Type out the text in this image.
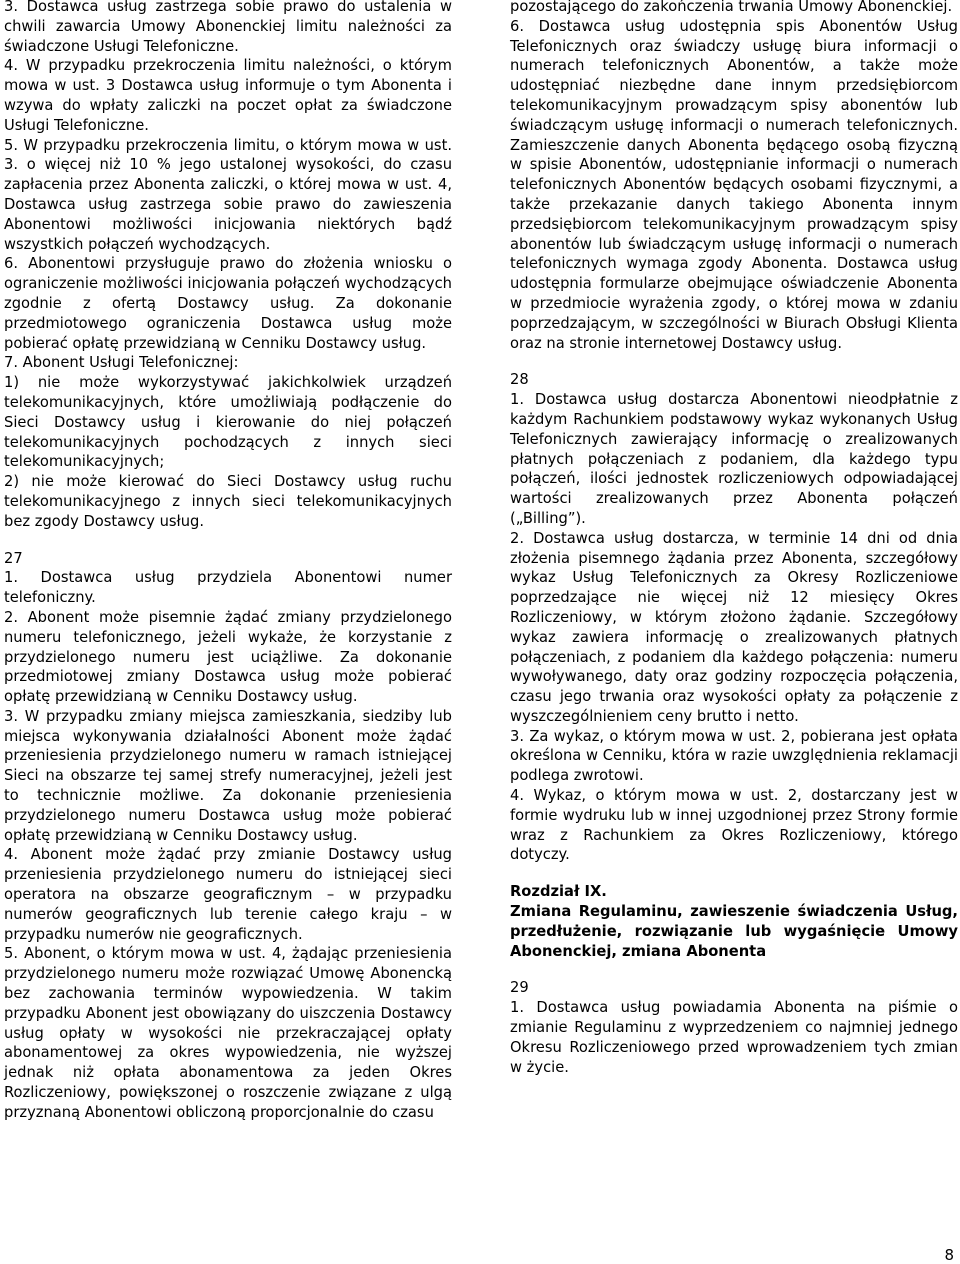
3. Dostawca usług zastrzega sobie prawo do ustalenia w chwili zawarcia Umowy Abonenckiej limitu należności za świadczone Usługi Telefoniczne.

4. W przypadku przekroczenia limitu należności, o którym mowa w ust. 3 Dostawca usług informuje o tym Abonenta i wzywa do wpłaty zaliczki na poczet opłat za świadczone Usługi Telefoniczne.

5. W przypadku przekroczenia limitu, o którym mowa w ust. 3. o więcej niż 10 % jego ustalonej wysokości, do czasu zapłacenia przez Abonenta zaliczki, o której mowa w ust. 4, Dostawca usług zastrzega sobie prawo do zawieszenia Abonentowi możliwości inicjowania niektórych bądź wszystkich połączeń wychodzących.

6. Abonentowi przysługuje prawo do złożenia wniosku o ograniczenie możliwości inicjowania połączeń wychodzących zgodnie z ofertą Dostawcy usług. Za dokonanie przedmiotowego ograniczenia Dostawca usług może pobierać opłatę przewidzianą w Cenniku Dostawcy usług.

7. Abonent Usługi Telefonicznej:

1) nie może wykorzystywać jakichkolwiek urządzeń telekomunikacyjnych, które umożliwiają podłączenie do Sieci Dostawcy usług i kierowanie do niej połączeń telekomunikacyjnych pochodzących z innych sieci telekomunikacyjnych;

2) nie może kierować do Sieci Dostawcy usług ruchu telekomunikacyjnego z innych sieci telekomunikacyjnych bez zgody Dostawcy usług.

27

1. Dostawca usług przydziela Abonentowi numer telefoniczny.

2. Abonent może pisemnie żądać zmiany przydzielonego numeru telefonicznego, jeżeli wykaże, że korzystanie z przydzielonego numeru jest uciążliwe. Za dokonanie przedmiotowej zmiany Dostawca usług może pobierać opłatę przewidzianą w Cenniku Dostawcy usług.

3. W przypadku zmiany miejsca zamieszkania, siedziby lub miejsca wykonywania działalności Abonent może żądać przeniesienia przydzielonego numeru w ramach istniejącej Sieci na obszarze tej samej strefy numeracyjnej, jeżeli jest to technicznie możliwe. Za dokonanie przeniesienia przydzielonego numeru Dostawca usług może pobierać opłatę przewidzianą w Cenniku Dostawcy usług.

4. Abonent może żądać przy zmianie Dostawcy usług przeniesienia przydzielonego numeru do istniejącej sieci operatora na obszarze geograficznym – w przypadku numerów geograficznych lub terenie całego kraju – w przypadku numerów nie geograficznych.

5. Abonent, o którym mowa w ust. 4, żądając przeniesienia przydzielonego numeru może rozwiązać Umowę Abonencką bez zachowania terminów wypowiedzenia. W takim przypadku Abonent jest obowiązany do uiszczenia Dostawcy usług opłaty w wysokości nie przekraczającej opłaty abonamentowej za okres wypowiedzenia, nie wyższej jednak niż opłata abonamentowa za jeden Okres Rozliczeniowy, powiększonej o roszczenie związane z ulgą przyznaną Abonentowi obliczoną proporcjonalnie do czasu

pozostającego do zakończenia trwania Umowy Abonenckiej.

6. Dostawca usług udostępnia spis Abonentów Usług Telefonicznych oraz świadczy usługę biura informacji o numerach telefonicznych Abonentów, a także może udostępniać niezbędne dane innym przedsiębiorcom telekomunikacyjnym prowadzącym spisy abonentów lub świadczącym usługę informacji o numerach telefonicznych. Zamieszczenie danych Abonenta będącego osobą fizyczną w spisie Abonentów, udostępnianie informacji o numerach telefonicznych Abonentów będących osobami fizycznymi, a także przekazanie danych takiego Abonenta innym przedsiębiorcom telekomunikacyjnym prowadzącym spisy abonentów lub świadczącym usługę informacji o numerach telefonicznych wymaga zgody Abonenta. Dostawca usług udostępnia formularze obejmujące oświadczenie Abonenta w przedmiocie wyrażenia zgody, o której mowa w zdaniu poprzedzającym, w szczególności w Biurach Obsługi Klienta oraz na stronie internetowej Dostawcy usług.

28

1. Dostawca usług dostarcza Abonentowi nieodpłatnie z każdym Rachunkiem podstawowy wykaz wykonanych Usług Telefonicznych zawierający informację o zrealizowanych płatnych połączeniach z podaniem, dla każdego typu połączeń, ilości jednostek rozliczeniowych odpowiadającej wartości zrealizowanych przez Abonenta połączeń („Billing”).

2. Dostawca usług dostarcza, w terminie 14 dni od dnia złożenia pisemnego żądania przez Abonenta, szczegółowy wykaz Usług Telefonicznych za Okresy Rozliczeniowe poprzedzające nie więcej niż 12 miesięcy Okres Rozliczeniowy, w którym złożono żądanie. Szczegółowy wykaz zawiera informację o zrealizowanych płatnych połączeniach, z podaniem dla każdego połączenia: numeru wywoływanego, daty oraz godziny rozpoczęcia połączenia, czasu jego trwania oraz wysokości opłaty za połączenie z wyszczególnieniem ceny brutto i netto.

3. Za wykaz, o którym mowa w ust. 2, pobierana jest opłata określona w Cenniku, która w razie uwzględnienia reklamacji podlega zwrotowi.

4. Wykaz, o którym mowa w ust. 2, dostarczany jest w formie wydruku lub w innej uzgodnionej przez Strony formie wraz z Rachunkiem za Okres Rozliczeniowy, którego dotyczy.

Rozdział IX.

Zmiana Regulaminu, zawieszenie świadczenia Usług, przedłużenie, rozwiązanie lub wygaśnięcie Umowy Abonenckiej, zmiana Abonenta

29

1. Dostawca usług powiadamia Abonenta na piśmie o zmianie Regulaminu z wyprzedzeniem co najmniej jednego Okresu Rozliczeniowego przed wprowadzeniem tych zmian w życie.

8
